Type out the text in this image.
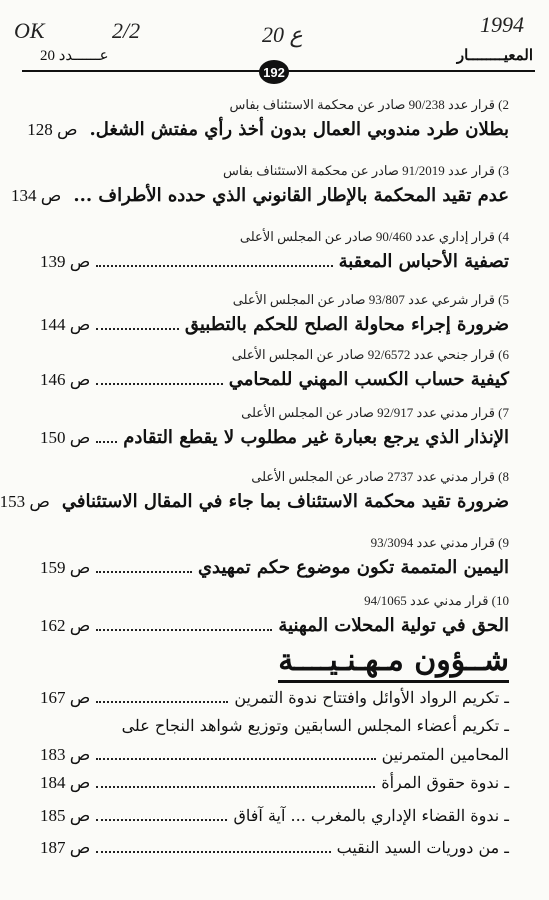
OK	2/2	ع 20	1994
عــــــدد 20	المعيــــــــار
192
2) قرار عدد 90/238 صادر عن محكمة الاستئناف بفاس
بطلان طرد مندوبي العمال بدون أخذ رأي مفتش الشغل.
ص 128
3) قرار عدد 91/2019 صادر عن محكمة الاستئناف بفاس
عدم تقيد المحكمة بالإطار القانوني الذي حدده الأطراف ...
ص 134
4) قرار إداري عدد 90/460 صادر عن المجلس الأعلى
تصفية الأحباس المعقبة
ص 139
5) قرار شرعي عدد 93/807 صادر عن المجلس الأعلى
ضرورة إجراء محاولة الصلح للحكم بالتطبيق
ص 144
6) قرار جنحي عدد 92/6572 صادر عن المجلس الأعلى
كيفية حساب الكسب المهني للمحامي
ص 146
7) قرار مدني عدد 92/917 صادر عن المجلس الأعلى
الإنذار الذي يرجع بعبارة غير مطلوب لا يقطع التقادم
ص 150
8) قرار مدني عدد 2737 صادر عن المجلس الأعلى
ضرورة تقيد محكمة الاستئناف بما جاء في المقال الاستئنافي
ص 153
9) قرار مدني عدد 93/3094
اليمين المتممة تكون موضوع حكم تمهيدي
ص 159
10) قرار مدني عدد 94/1065
الحق في تولية المحلات المهنية
ص 162
شــؤون مـهـنـيــــة
ـ تكريم الرواد الأوائل وافتتاح ندوة التمرين
ص 167
ـ تكريم أعضاء المجلس السابقين وتوزيع شواهد النجاح على
المحامين المتمرنين
ص 183
ـ ندوة حقوق المرأة
ص 184
ـ ندوة القضاء الإداري بالمغرب ... آية آفاق
ص 185
ـ من دوريات السيد النقيب
ص 187
